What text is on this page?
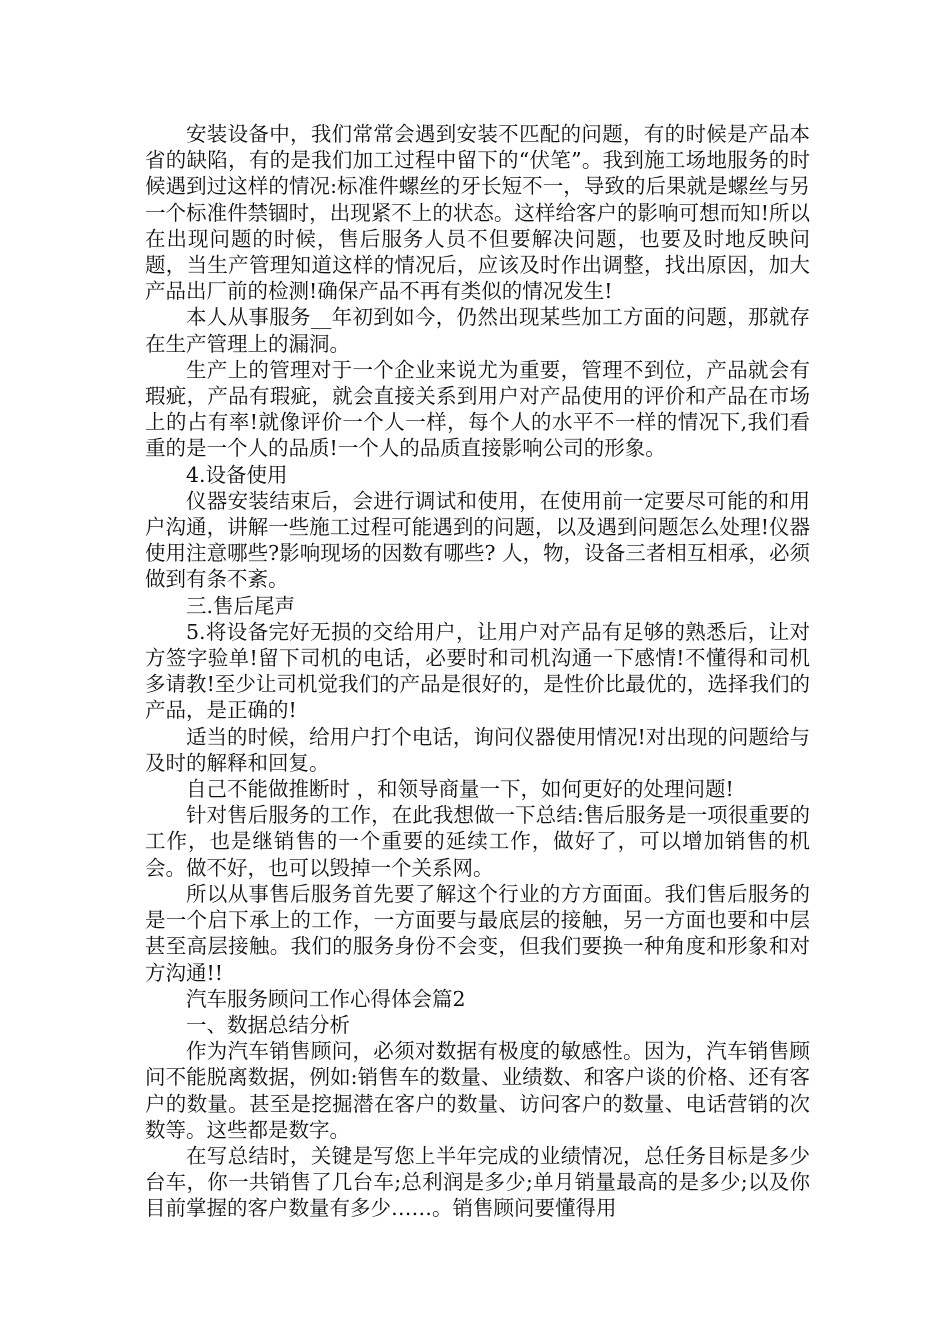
安装设备中，我们常常会遇到安装不匹配的问题，有的时候是产品本省的缺陷，有的是我们加工过程中留下的“伏笔”。我到施工场地服务的时候遇到过这样的情况:标准件螺丝的牙长短不一，导致的后果就是螺丝与另一个标准件禁锢时，出现紧不上的状态。这样给客户的影响可想而知!所以在出现问题的时候，售后服务人员不但要解决问题，也要及时地反映问题，当生产管理知道这样的情况后，应该及时作出调整，找出原因，加大产品出厂前的检测!确保产品不再有类似的情况发生!

本人从事服务__年初到如今，仍然出现某些加工方面的问题，那就存在生产管理上的漏洞。

生产上的管理对于一个企业来说尤为重要，管理不到位，产品就会有瑕疵，产品有瑕疵，就会直接关系到用户对产品使用的评价和产品在市场上的占有率!就像评价一个人一样，每个人的水平不一样的情况下,我们看重的是一个人的品质!一个人的品质直接影响公司的形象。

4.设备使用

仪器安装结束后，会进行调试和使用，在使用前一定要尽可能的和用户沟通，讲解一些施工过程可能遇到的问题，以及遇到问题怎么处理!仪器使用注意哪些?影响现场的因数有哪些? 人，物，设备三者相互相承，必须做到有条不紊。

三.售后尾声

5.将设备完好无损的交给用户，让用户对产品有足够的熟悉后，让对方签字验单!留下司机的电话，必要时和司机沟通一下感情!不懂得和司机多请教!至少让司机觉我们的产品是很好的，是性价比最优的，选择我们的产品，是正确的!

适当的时候，给用户打个电话，询问仪器使用情况!对出现的问题给与及时的解释和回复。

自己不能做推断时 ，和领导商量一下，如何更好的处理问题!

针对售后服务的工作，在此我想做一下总结:售后服务是一项很重要的工作，也是继销售的一个重要的延续工作，做好了，可以增加销售的机会。做不好，也可以毁掉一个关系网。

所以从事售后服务首先要了解这个行业的方方面面。我们售后服务的是一个启下承上的工作，一方面要与最底层的接触，另一方面也要和中层甚至高层接触。我们的服务身份不会变，但我们要换一种角度和形象和对方沟通!!

汽车服务顾问工作心得体会篇2

一、数据总结分析

作为汽车销售顾问，必须对数据有极度的敏感性。因为，汽车销售顾问不能脱离数据，例如:销售车的数量、业绩数、和客户谈的价格、还有客户的数量。甚至是挖掘潜在客户的数量、访问客户的数量、电话营销的次数等。这些都是数字。

在写总结时，关键是写您上半年完成的业绩情况，总任务目标是多少台车，你一共销售了几台车;总利润是多少;单月销量最高的是多少;以及你目前掌握的客户数量有多少……。销售顾问要懂得用
